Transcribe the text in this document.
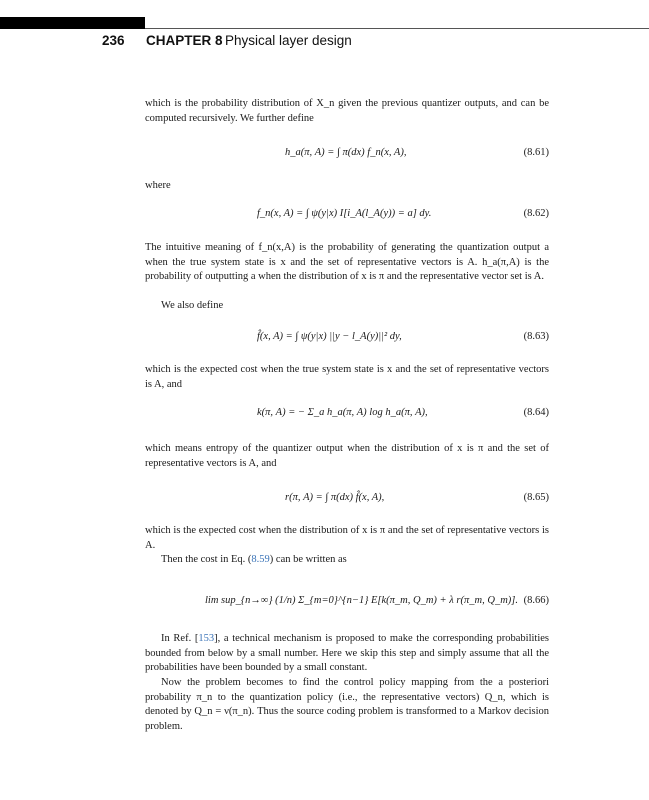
236 CHAPTER 8 Physical layer design

which is the probability distribution of X_n given the previous quantizer outputs, and can be computed recursively. We further define

h_a(π, A) = ∫ π(dx) f_n(x, A),	(8.61)

where

f_n(x, A) = ∫ ψ(y|x) I[i_A(l_A(y)) = a] dy.	(8.62)

The intuitive meaning of f_n(x,A) is the probability of generating the quantization output a when the true system state is x and the set of representative vectors is A. h_a(π,A) is the probability of outputting a when the distribution of x is π and the representative vector set is A.

We also define

f̂(x, A) = ∫ ψ(y|x) ||y − l_A(y)||² dy,	(8.63)

which is the expected cost when the true system state is x and the set of representative vectors is A, and

k(π, A) = − Σ_a h_a(π, A) log h_a(π, A),	(8.64)

which means entropy of the quantizer output when the distribution of x is π and the set of representative vectors is A, and

r(π, A) = ∫ π(dx) f̂(x, A),	(8.65)

which is the expected cost when the distribution of x is π and the set of representative vectors is A.

Then the cost in Eq. (8.59) can be written as

lim sup_{n→∞} (1/n) Σ_{m=0}^{n−1} E[k(π_m, Q_m) + λ r(π_m, Q_m)]. (8.66)

In Ref. [153], a technical mechanism is proposed to make the corresponding probabilities bounded from below by a small number. Here we skip this step and simply assume that all the probabilities have been bounded by a small constant.

Now the problem becomes to find the control policy mapping from the a posteriori probability π_n to the quantization policy (i.e., the representative vectors) Q_n, which is denoted by Q_n = ν(π_n). Thus the source coding problem is transformed to a Markov decision problem.
